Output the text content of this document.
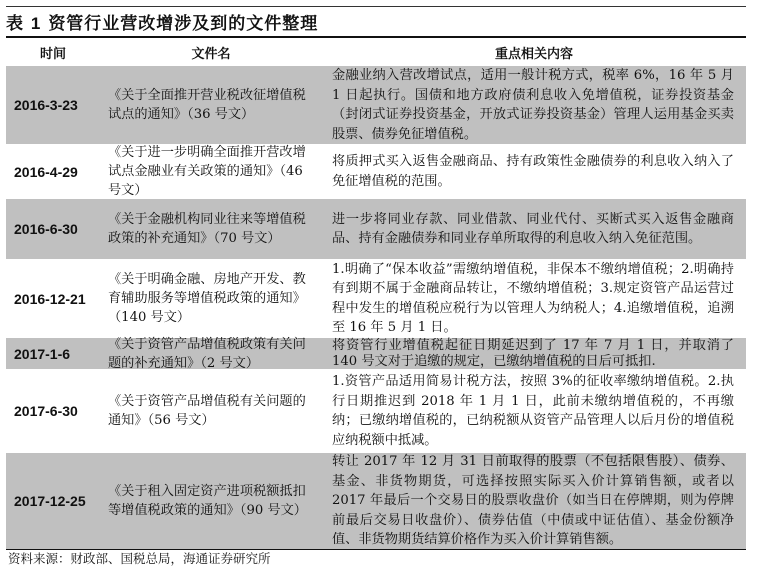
表 1 资管行业营改增涉及到的文件整理
时间	文件名	重点相关内容
2016-3-23
《关于全面推开营业税改征增值税试点的通知》（36 号文）
金融业纳入营改增试点，适用一般计税方式，税率 6%，16 年 5 月 1 日起执行。国债和地方政府债利息收入免增值税，证券投资基金（封闭式证券投资基金，开放式证券投资基金）管理人运用基金买卖股票、债券免征增值税。
2016-4-29
《关于进一步明确全面推开营改增试点金融业有关政策的通知》（46 号文）
将质押式买入返售金融商品、持有政策性金融债券的利息收入纳入了免征增值税的范围。
2016-6-30
《关于金融机构同业往来等增值税政策的补充通知》（70 号文）
进一步将同业存款、同业借款、同业代付、买断式买入返售金融商品、持有金融债券和同业存单所取得的利息收入纳入免征范围。
2016-12-21
《关于明确金融、房地产开发、教育辅助服务等增值税政策的通知》（140 号文）
1.明确了“保本收益”需缴纳增值税，非保本不缴纳增值税；2.明确持有到期不属于金融商品转让，不缴纳增值税；3.规定资管产品运营过程中发生的增值税应税行为以管理人为纳税人；4.追缴增值税，追溯至 16 年 5 月 1 日。
2017-1-6
《关于资管产品增值税政策有关问题的补充通知》（2 号文）
将资管行业增值税起征日期延迟到了 17 年 7 月 1 日，并取消了 140 号文对于追缴的规定，已缴纳增值税的日后可抵扣.
2017-6-30
《关于资管产品增值税有关问题的通知》（56 号文）
1.资管产品适用简易计税方法，按照 3%的征收率缴纳增值税。2.执行日期推迟到 2018 年 1 月 1 日，此前未缴纳增值税的，不再缴纳；已缴纳增值税的，已纳税额从资管产品管理人以后月份的增值税应纳税额中抵减。
2017-12-25
《关于租入固定资产进项税额抵扣等增值税政策的通知》（90 号文）
转让 2017 年 12 月 31 日前取得的股票（不包括限售股）、债券、基金、非货物期货，可选择按照实际买入价计算销售额，或者以 2017 年最后一个交易日的股票收盘价（如当日在停牌期，则为停牌前最后交易日收盘价）、债券估值（中债或中证估值）、基金份额净值、非货物期货结算价格作为买入价计算销售额。
资料来源：财政部、国税总局，海通证券研究所
